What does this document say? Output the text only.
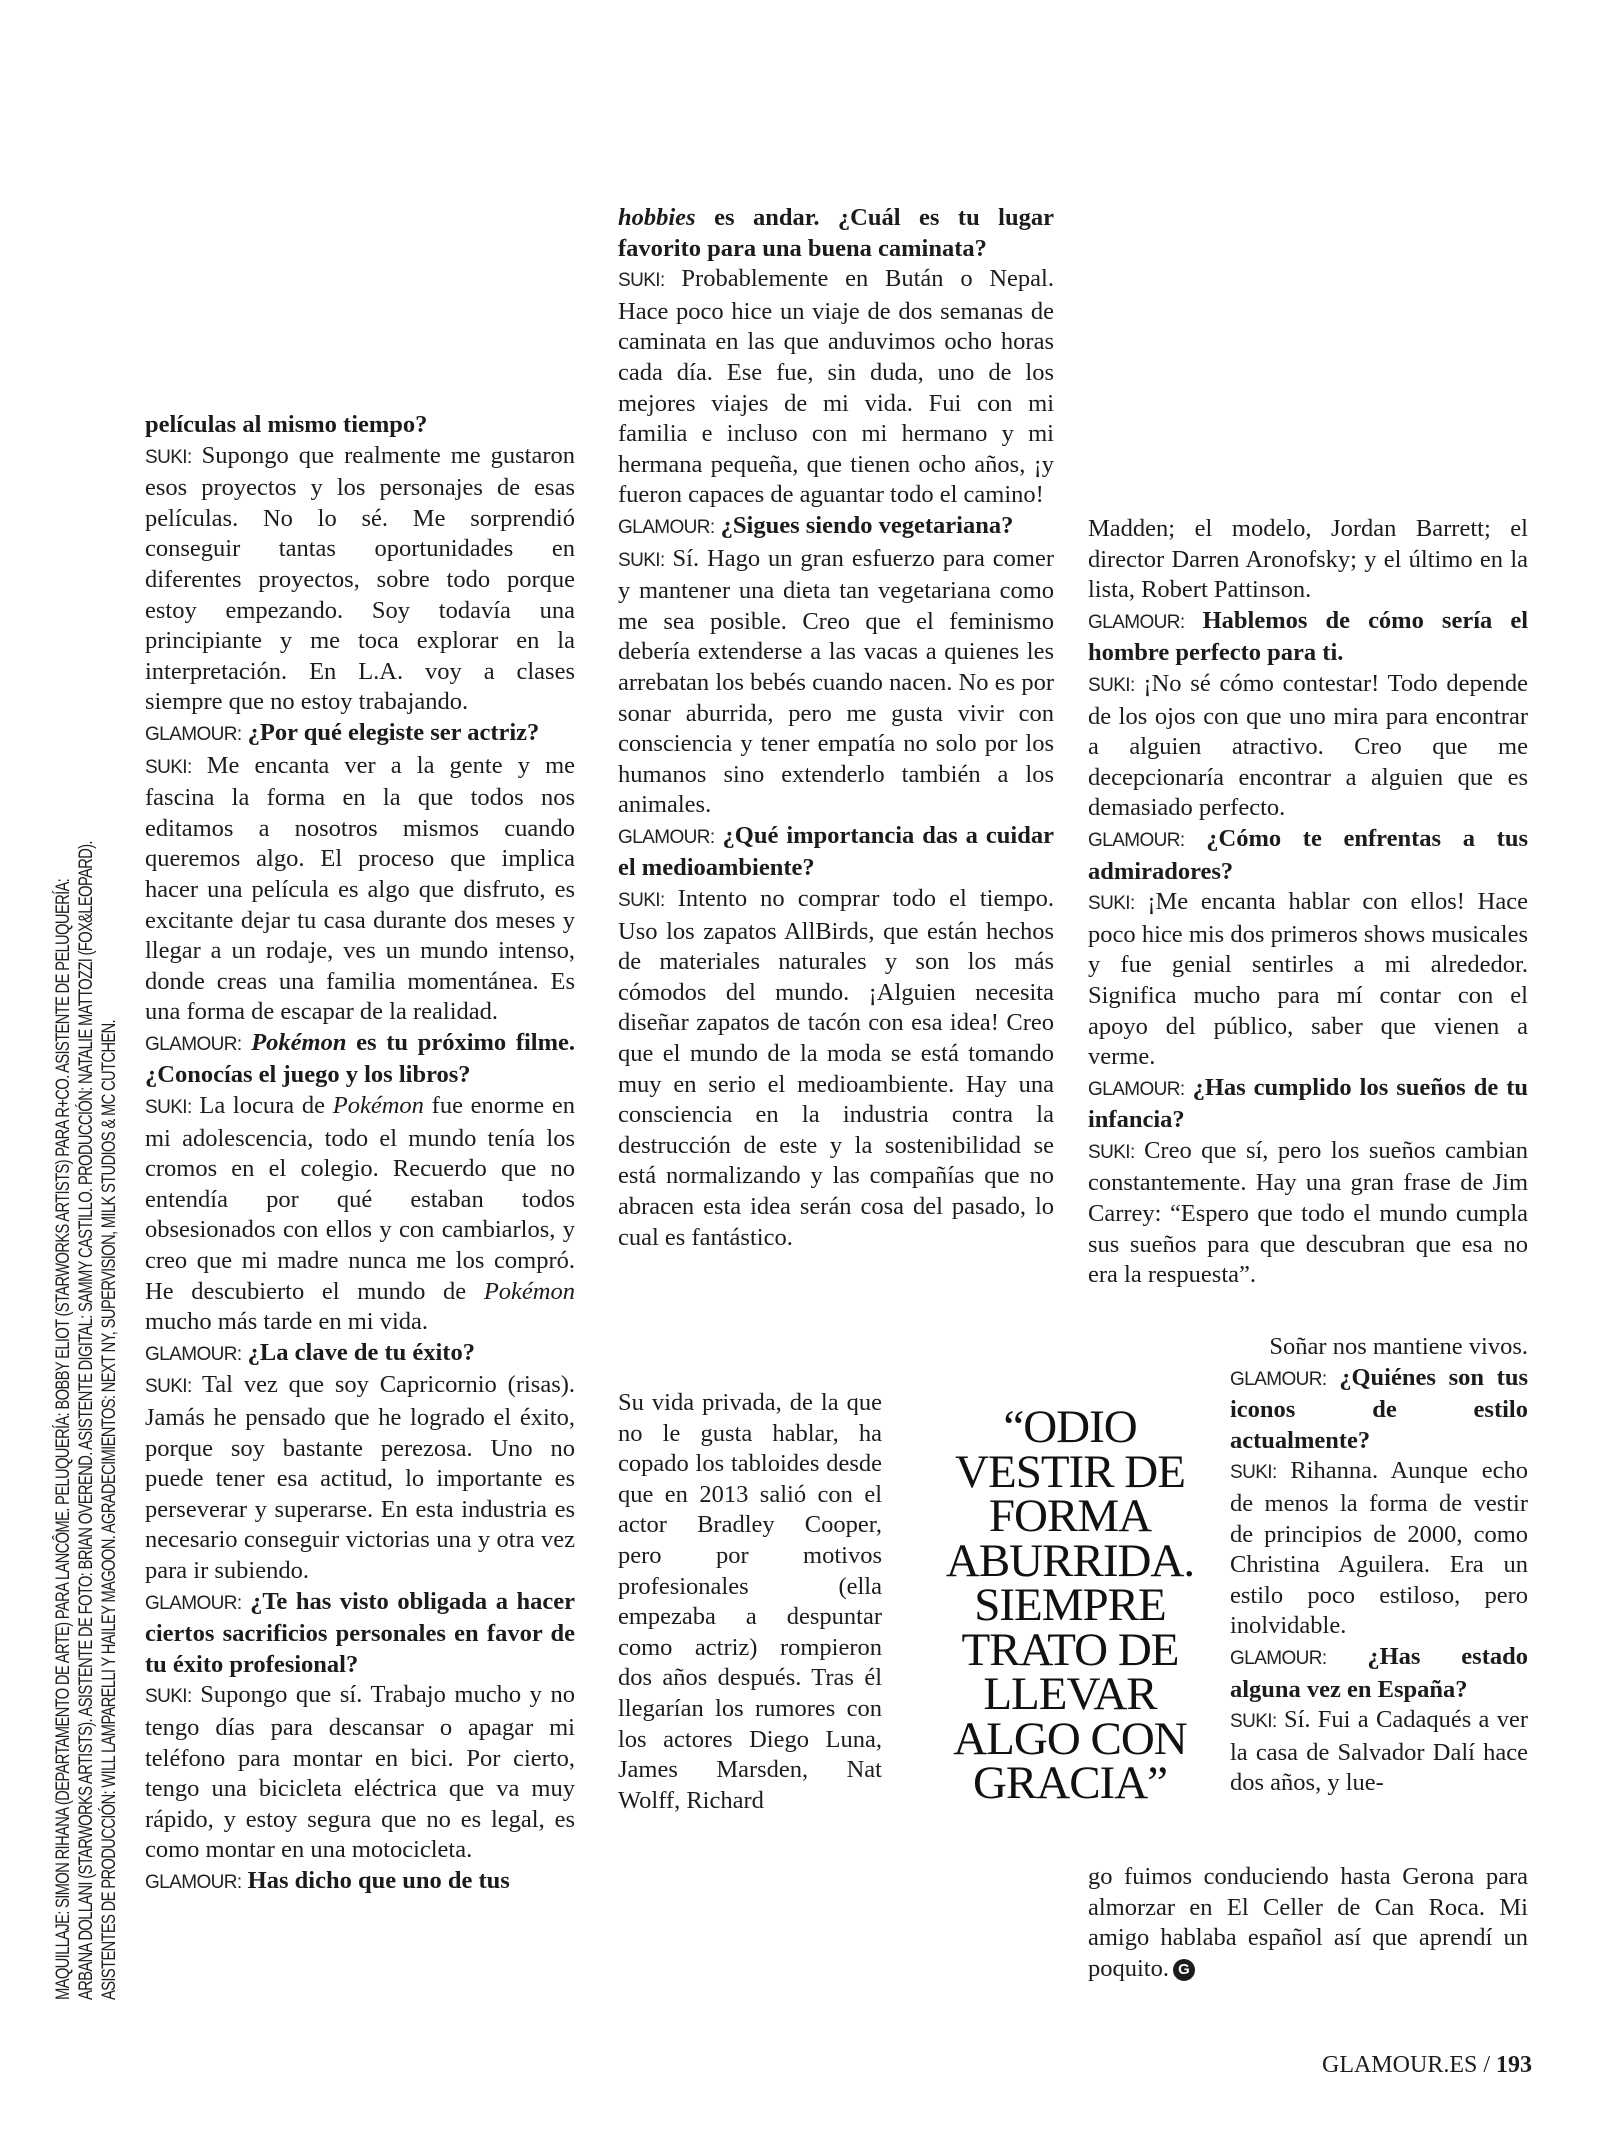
MAQUILLAJE: SIMON RIHANA (DEPARTAMENTO DE ARTE) PARA LANCÔME. PELUQUERÍA: BOBBY ELIOT (STARWORKS ARTISTS) PARA R+CO. ASISTENTE DE PELUQUERÍA: ARBANA DOLLANI (STARWORKS ARTISTS). ASISTENTE DE FOTO: BRIAN OVEREND. ASISTENTE DIGITAL: SAMMY CASTILLO. PRODUCCIÓN: NATALIE MATTOZZI (FOX&LEOPARD). ASISTENTES DE PRODUCCIÓN: WILL LAMPARELLI Y HAILEY MAGOON. AGRADECIMIENTOS: NEXT NY, SUPERVISION, MILK STUDIOS & MC CUTCHEN.

películas al mismo tiempo?

SUKI: Supongo que realmente me gustaron esos proyectos y los personajes de esas películas. No lo sé. Me sorprendió conseguir tantas oportunidades en diferentes proyectos, sobre todo porque estoy empezando. Soy todavía una principiante y me toca explorar en la interpretación. En L.A. voy a clases siempre que no estoy trabajando.

GLAMOUR: ¿Por qué elegiste ser actriz?

SUKI: Me encanta ver a la gente y me fascina la forma en la que todos nos editamos a nosotros mismos cuando queremos algo. El proceso que implica hacer una película es algo que disfruto, es excitante dejar tu casa durante dos meses y llegar a un rodaje, ves un mundo intenso, donde creas una familia momentánea. Es una forma de escapar de la realidad.

GLAMOUR: Pokémon es tu próximo filme. ¿Conocías el juego y los libros?

SUKI: La locura de Pokémon fue enorme en mi adolescencia, todo el mundo tenía los cromos en el colegio. Recuerdo que no entendía por qué estaban todos obsesionados con ellos y con cambiarlos, y creo que mi madre nunca me los compró. He descubierto el mundo de Pokémon mucho más tarde en mi vida.

GLAMOUR: ¿La clave de tu éxito?

SUKI: Tal vez que soy Capricornio (risas). Jamás he pensado que he logrado el éxito, porque soy bastante perezosa. Uno no puede tener esa actitud, lo importante es perseverar y superarse. En esta industria es necesario conseguir victorias una y otra vez para ir subiendo.

GLAMOUR: ¿Te has visto obligada a hacer ciertos sacrificios personales en favor de tu éxito profesional?

SUKI: Supongo que sí. Trabajo mucho y no tengo días para descansar o apagar mi teléfono para montar en bici. Por cierto, tengo una bicicleta eléctrica que va muy rápido, y estoy segura que no es legal, es como montar en una motocicleta.

GLAMOUR: Has dicho que uno de tus

hobbies es andar. ¿Cuál es tu lugar favorito para una buena caminata?

SUKI: Probablemente en Bután o Nepal. Hace poco hice un viaje de dos semanas de caminata en las que anduvimos ocho horas cada día. Ese fue, sin duda, uno de los mejores viajes de mi vida. Fui con mi familia e incluso con mi hermano y mi hermana pequeña, que tienen ocho años, ¡y fueron capaces de aguantar todo el camino!

GLAMOUR: ¿Sigues siendo vegetariana?

SUKI: Sí. Hago un gran esfuerzo para comer y mantener una dieta tan vegetariana como me sea posible. Creo que el feminismo debería extenderse a las vacas a quienes les arrebatan los bebés cuando nacen. No es por sonar aburrida, pero me gusta vivir con consciencia y tener empatía no solo por los humanos sino extenderlo también a los animales.

GLAMOUR: ¿Qué importancia das a cuidar el medioambiente?

SUKI: Intento no comprar todo el tiempo. Uso los zapatos AllBirds, que están hechos de materiales naturales y son los más cómodos del mundo. ¡Alguien necesita diseñar zapatos de tacón con esa idea! Creo que el mundo de la moda se está tomando muy en serio el medioambiente. Hay una consciencia en la industria contra la destrucción de este y la sostenibilidad se está normalizando y las compañías que no abracen esta idea serán cosa del pasado, lo cual es fantástico.

Su vida privada, de la que no le gusta hablar, ha copado los tabloides desde que en 2013 salió con el actor Bradley Cooper, pero por motivos profesionales (ella empezaba a despuntar como actriz) rompieron dos años después. Tras él llegarían los rumores con los actores Diego Luna, James Marsden, Nat Wolff, Richard

“ODIO
VESTIR DE
FORMA
ABURRIDA.
SIEMPRE
TRATO DE
LLEVAR
ALGO CON
GRACIA”

Madden; el modelo, Jordan Barrett; el director Darren Aronofsky; y el último en la lista, Robert Pattinson.

GLAMOUR: Hablemos de cómo sería el hombre perfecto para ti.

SUKI: ¡No sé cómo contestar! Todo depende de los ojos con que uno mira para encontrar a alguien atractivo. Creo que me decepcionaría encontrar a alguien que es demasiado perfecto.

GLAMOUR: ¿Cómo te enfrentas a tus admiradores?

SUKI: ¡Me encanta hablar con ellos! Hace poco hice mis dos primeros shows musicales y fue genial sentirles a mi alrededor. Significa mucho para mí contar con el apoyo del público, saber que vienen a verme.

GLAMOUR: ¿Has cumplido los sueños de tu infancia?

SUKI: Creo que sí, pero los sueños cambian constantemente. Hay una gran frase de Jim Carrey: “Espero que todo el mundo cumpla sus sueños para que descubran que esa no era la respuesta”.

Soñar nos mantiene vivos.

GLAMOUR: ¿Quiénes son tus iconos de estilo actualmente?

SUKI: Rihanna. Aunque echo de menos la forma de vestir de principios de 2000, como Christina Aguilera. Era un estilo poco estiloso, pero inolvidable.

GLAMOUR: ¿Has estado alguna vez en España?

SUKI: Sí. Fui a Cadaqués a ver la casa de Salvador Dalí hace dos años, y lue-

go fuimos conduciendo hasta Gerona para almorzar en El Celler de Can Roca. Mi amigo hablaba español así que aprendí un poquito. G

GLAMOUR.ES / 193
